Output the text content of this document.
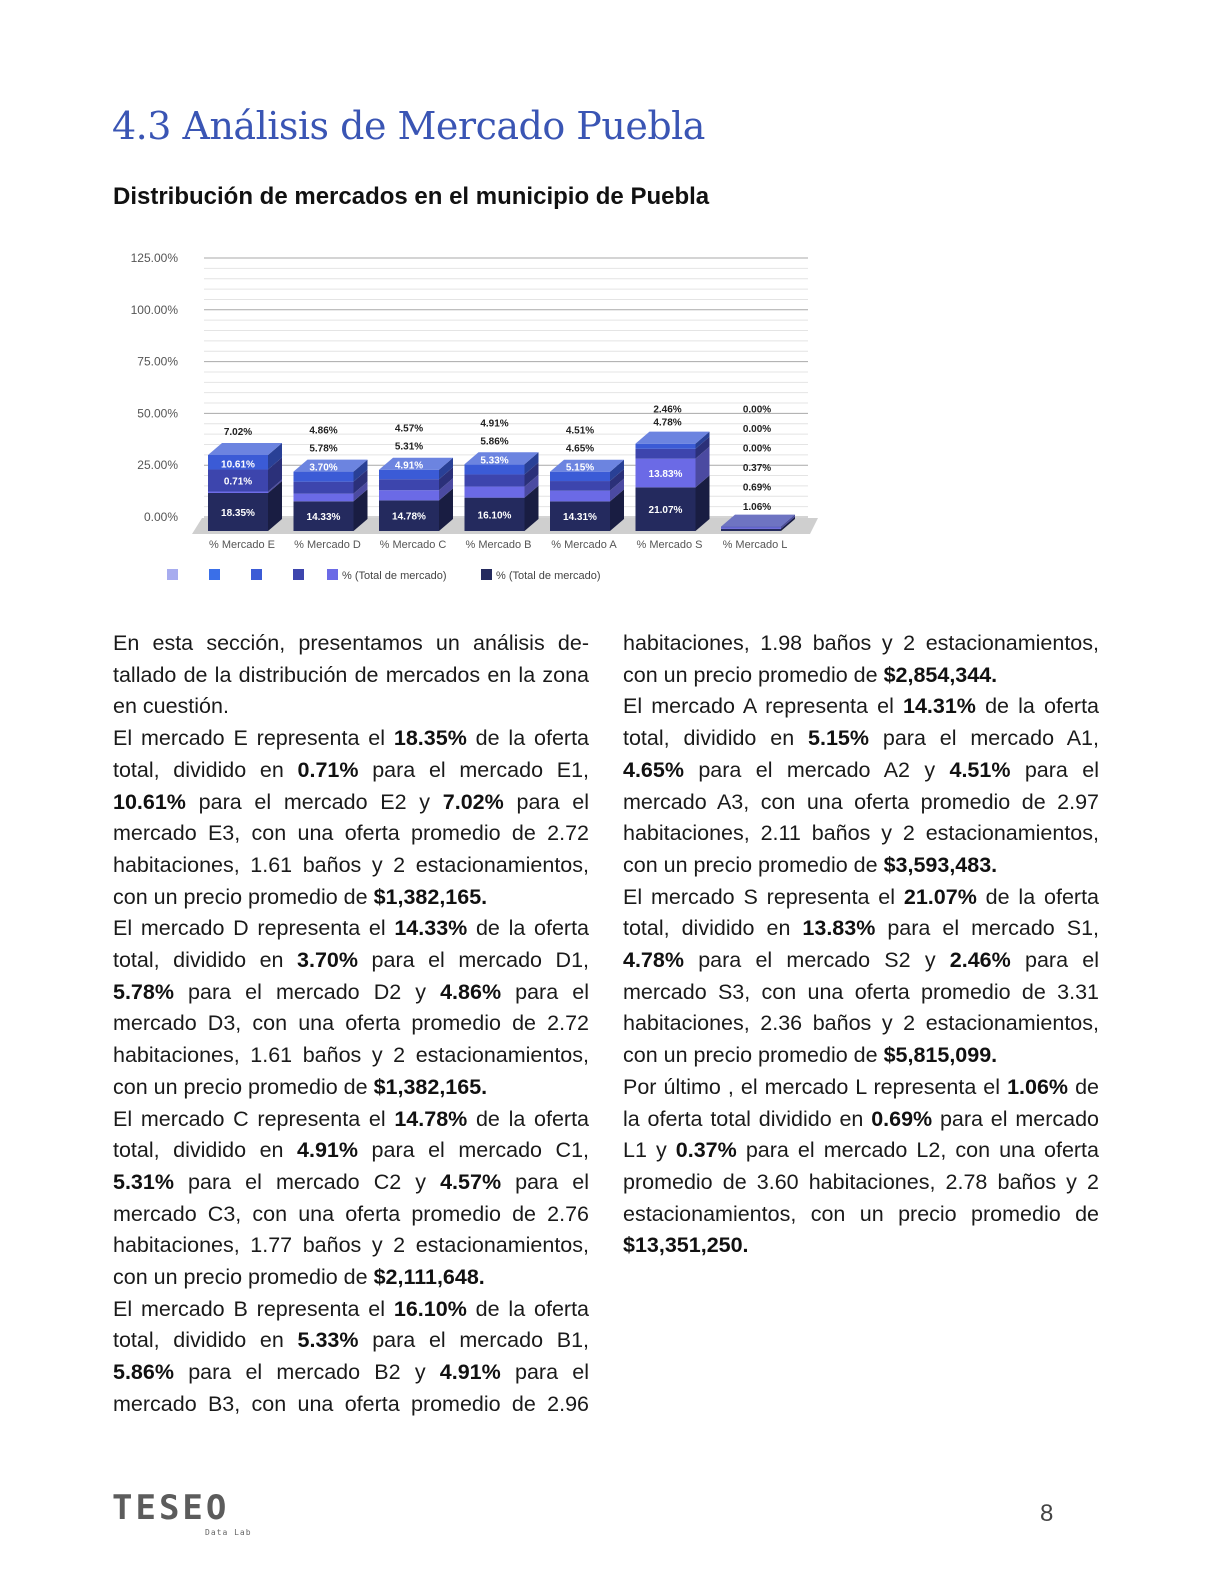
4.3 Análisis de Mercado Puebla
Distribución de mercados en el municipio de Puebla
0.00%
25.00%
50.00%
75.00%
100.00%
125.00%
18.35%
10.61%
0.71%
7.02%
14.33%
3.70%
5.78%
4.86%
14.78%
4.91%
5.31%
4.57%
16.10%
5.33%
5.86%
4.91%
14.31%
5.15%
4.65%
4.51%
21.07%
13.83%
4.78%
2.46%
1.06%
0.69%
0.37%
0.00%
0.00%
0.00%
% Mercado E % Mercado D % Mercado C % Mercado B % Mercado A % Mercado S % Mercado L
% (Total de mercado)	% (Total de mercado)

En esta sección, presentamos un análisis detallado de la distribución de mercados en la zona en cuestión.

El mercado E representa el 18.35% de la oferta total, dividido en 0.71% para el mercado E1, 10.61% para el mercado E2 y 7.02% para el mercado E3, con una oferta promedio de 2.72 habitaciones, 1.61 baños y 2 estacionamientos, con un precio promedio de $1,382,165.

El mercado D representa el 14.33% de la oferta total, dividido en 3.70% para el mercado D1, 5.78% para el mercado D2 y 4.86% para el mercado D3, con una oferta promedio de 2.72 habitaciones, 1.61 baños y 2 estacionamientos, con un precio promedio de $1,382,165.

El mercado C representa el 14.78% de la oferta total, dividido en 4.91% para el mercado C1, 5.31% para el mercado C2 y 4.57% para el mercado C3, con una oferta promedio de 2.76 habitaciones, 1.77 baños y 2 estacionamientos, con un precio promedio de $2,111,648.

El mercado B representa el 16.10% de la oferta total, dividido en 5.33% para el mercado B1, 5.86% para el mercado B2 y 4.91% para el mercado B3, con una oferta promedio de 2.96 habitaciones, 1.98 baños y 2 estacionamientos, con un precio promedio de $2,854,344.

El mercado A representa el 14.31% de la oferta total, dividido en 5.15% para el mercado A1, 4.65% para el mercado A2 y 4.51% para el mercado A3, con una oferta promedio de 2.97 habitaciones, 2.11 baños y 2 estacionamientos, con un precio promedio de $3,593,483.

El mercado S representa el 21.07% de la oferta total, dividido en 13.83% para el mercado S1, 4.78% para el mercado S2 y 2.46% para el mercado S3, con una oferta promedio de 3.31 habitaciones, 2.36 baños y 2 estacionamientos, con un precio promedio de $5,815,099.

Por último , el mercado L representa el 1.06% de la oferta total dividido en 0.69% para el mercado L1 y 0.37% para el mercado L2, con una oferta promedio de 3.60 habitaciones, 2.78 baños y 2 estacionamientos, con un precio promedio de $13,351,250.

TESEO
Data Lab
8
